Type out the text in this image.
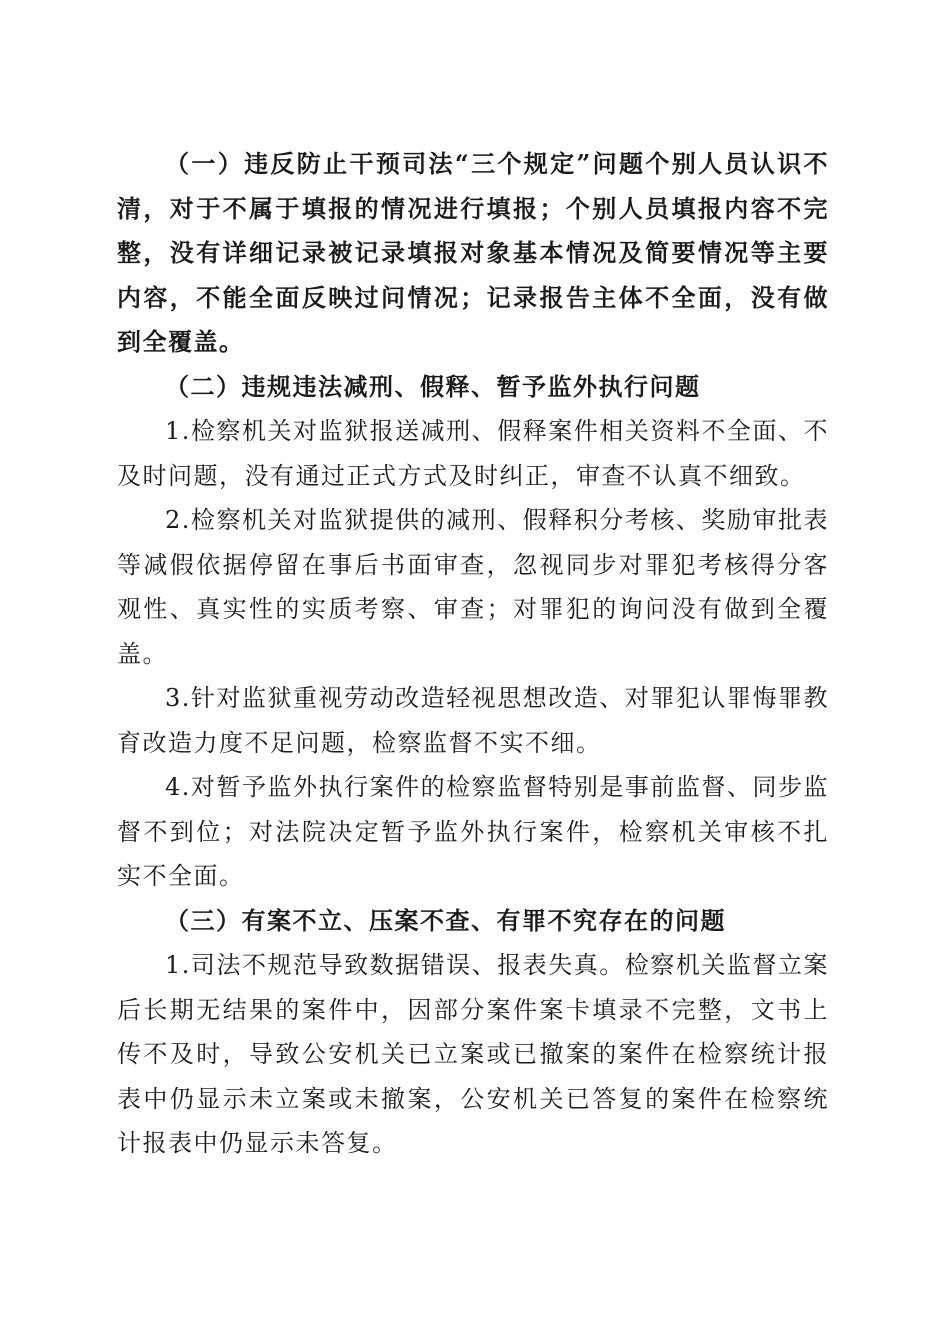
（一）违反防止干预司法“三个规定”问题个别人员认识不清，对于不属于填报的情况进行填报；个别人员填报内容不完整，没有详细记录被记录填报对象基本情况及简要情况等主要内容，不能全面反映过问情况；记录报告主体不全面，没有做到全覆盖。

（二）违规违法减刑、假释、暂予监外执行问题

1.检察机关对监狱报送减刑、假释案件相关资料不全面、不及时问题，没有通过正式方式及时纠正，审查不认真不细致。

2.检察机关对监狱提供的减刑、假释积分考核、奖励审批表等减假依据停留在事后书面审查，忽视同步对罪犯考核得分客观性、真实性的实质考察、审查；对罪犯的询问没有做到全覆盖。

3.针对监狱重视劳动改造轻视思想改造、对罪犯认罪悔罪教育改造力度不足问题，检察监督不实不细。

4.对暂予监外执行案件的检察监督特别是事前监督、同步监督不到位；对法院决定暂予监外执行案件，检察机关审核不扎实不全面。

（三）有案不立、压案不查、有罪不究存在的问题

1.司法不规范导致数据错误、报表失真。检察机关监督立案后长期无结果的案件中，因部分案件案卡填录不完整，文书上传不及时，导致公安机关已立案或已撤案的案件在检察统计报表中仍显示未立案或未撤案，公安机关已答复的案件在检察统计报表中仍显示未答复。
